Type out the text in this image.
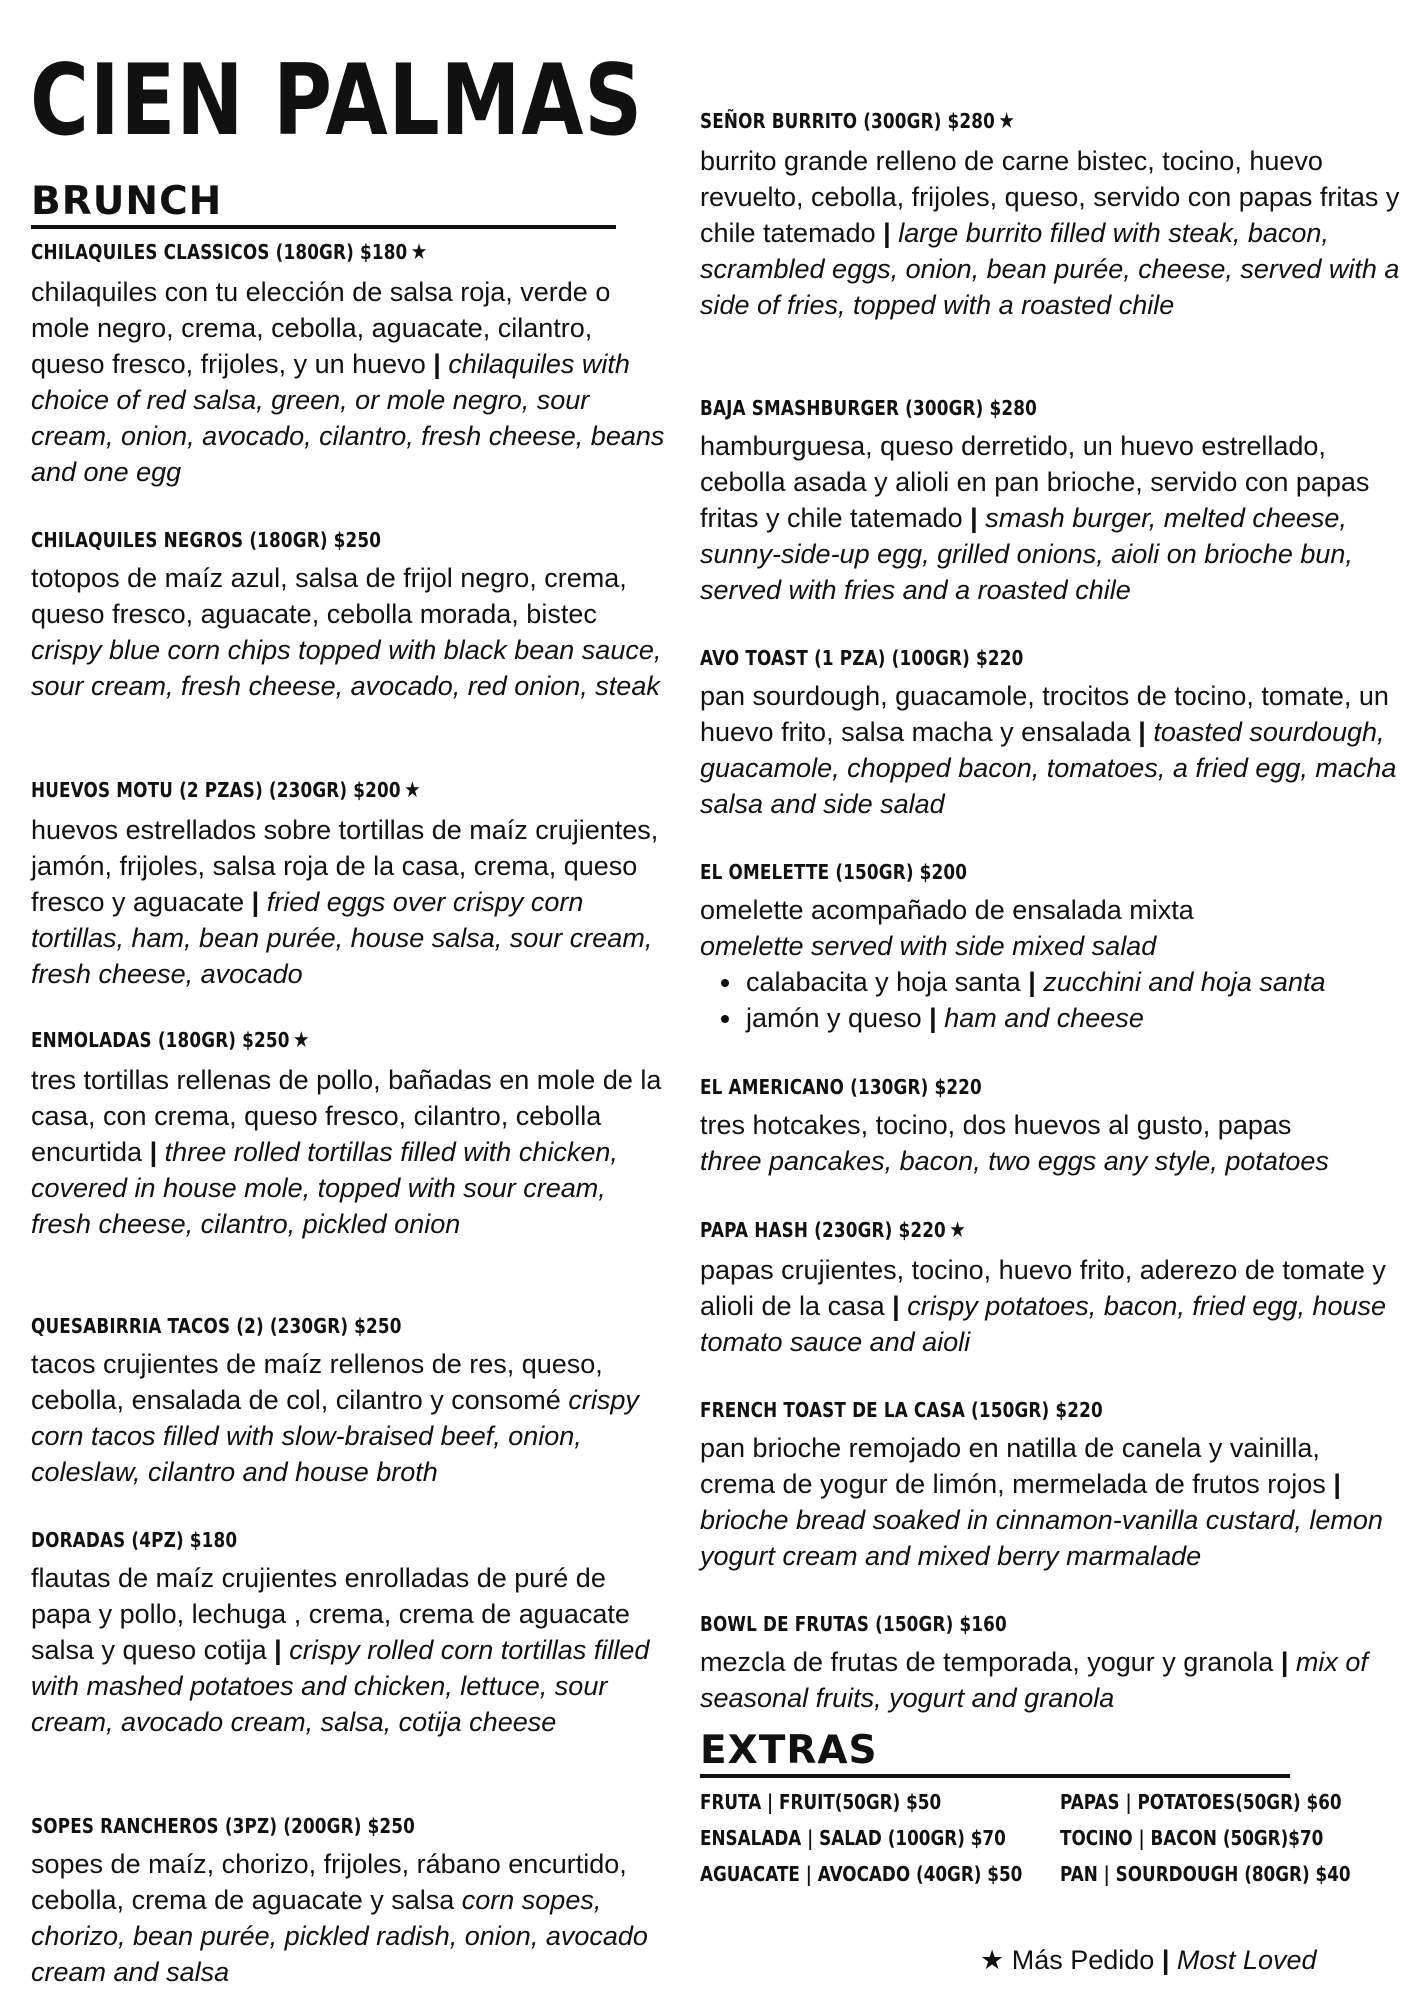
CIEN PALMAS
BRUNCH
CHILAQUILES CLASSICOS (180GR) $180 ★
chilaquiles con tu elección de salsa roja, verde o mole negro, crema, cebolla, aguacate, cilantro, queso fresco, frijoles, y un huevo | chilaquiles with choice of red salsa, green, or mole negro, sour cream, onion, avocado, cilantro, fresh cheese, beans and one egg
CHILAQUILES NEGROS (180GR) $250
totopos de maíz azul, salsa de frijol negro, crema, queso fresco, aguacate, cebolla morada, bistec crispy blue corn chips topped with black bean sauce, sour cream, fresh cheese, avocado, red onion, steak
HUEVOS MOTU (2 PZAS) (230GR) $200 ★
huevos estrellados sobre tortillas de maíz crujientes, jamón, frijoles, salsa roja de la casa, crema, queso fresco y aguacate | fried eggs over crispy corn tortillas, ham, bean purée, house salsa, sour cream, fresh cheese, avocado
ENMOLADAS (180GR) $250 ★
tres tortillas rellenas de pollo, bañadas en mole de la casa, con crema, queso fresco, cilantro, cebolla encurtida | three rolled tortillas filled with chicken, covered in house mole, topped with sour cream, fresh cheese, cilantro, pickled onion
QUESABIRRIA TACOS (2) (230GR) $250
tacos crujientes de maíz rellenos de res, queso, cebolla, ensalada de col, cilantro y consomé crispy corn tacos filled with slow-braised beef, onion, coleslaw, cilantro and house broth
DORADAS (4PZ) $180
flautas de maíz crujientes enrolladas de puré de papa y pollo, lechuga , crema, crema de aguacate salsa y queso cotija | crispy rolled corn tortillas filled with mashed potatoes and chicken, lettuce, sour cream, avocado cream, salsa, cotija cheese
SOPES RANCHEROS (3PZ) (200GR) $250
sopes de maíz, chorizo, frijoles, rábano encurtido, cebolla, crema de aguacate y salsa corn sopes, chorizo, bean purée, pickled radish, onion, avocado cream and salsa
SEÑOR BURRITO (300GR) $280 ★
burrito grande relleno de carne bistec, tocino, huevo revuelto, cebolla, frijoles, queso, servido con papas fritas y chile tatemado | large burrito filled with steak, bacon, scrambled eggs, onion, bean purée, cheese, served with a side of fries, topped with a roasted chile
BAJA SMASHBURGER (300GR) $280
hamburguesa, queso derretido, un huevo estrellado, cebolla asada y alioli en pan brioche, servido con papas fritas y chile tatemado | smash burger, melted cheese, sunny-side-up egg, grilled onions, aioli on brioche bun, served with fries and a roasted chile
AVO TOAST (1 PZA) (100GR) $220
pan sourdough, guacamole, trocitos de tocino, tomate, un huevo frito, salsa macha y ensalada | toasted sourdough, guacamole, chopped bacon, tomatoes, a fried egg, macha salsa and side salad
EL OMELETTE (150GR) $200
omelette acompañado de ensalada mixta
omelette served with side mixed salad
• calabacita y hoja santa | zucchini and hoja santa
• jamón y queso | ham and cheese
EL AMERICANO (130GR) $220
tres hotcakes, tocino, dos huevos al gusto, papas
three pancakes, bacon, two eggs any style, potatoes
PAPA HASH (230GR) $220 ★
papas crujientes, tocino, huevo frito, aderezo de tomate y alioli de la casa | crispy potatoes, bacon, fried egg, house tomato sauce and aioli
FRENCH TOAST DE LA CASA (150GR) $220
pan brioche remojado en natilla de canela y vainilla, crema de yogur de limón, mermelada de frutos rojos | brioche bread soaked in cinnamon-vanilla custard, lemon yogurt cream and mixed berry marmalade
BOWL DE FRUTAS (150GR) $160
mezcla de frutas de temporada, yogur y granola | mix of seasonal fruits, yogurt and granola
EXTRAS
FRUTA | FRUIT(50GR) $50	PAPAS | POTATOES(50GR) $60
ENSALADA | SALAD (100GR) $70	TOCINO | BACON (50GR)$70
AGUACATE | AVOCADO (40GR) $50 PAN | SOURDOUGH (80GR) $40
★ Más Pedido | Most Loved
